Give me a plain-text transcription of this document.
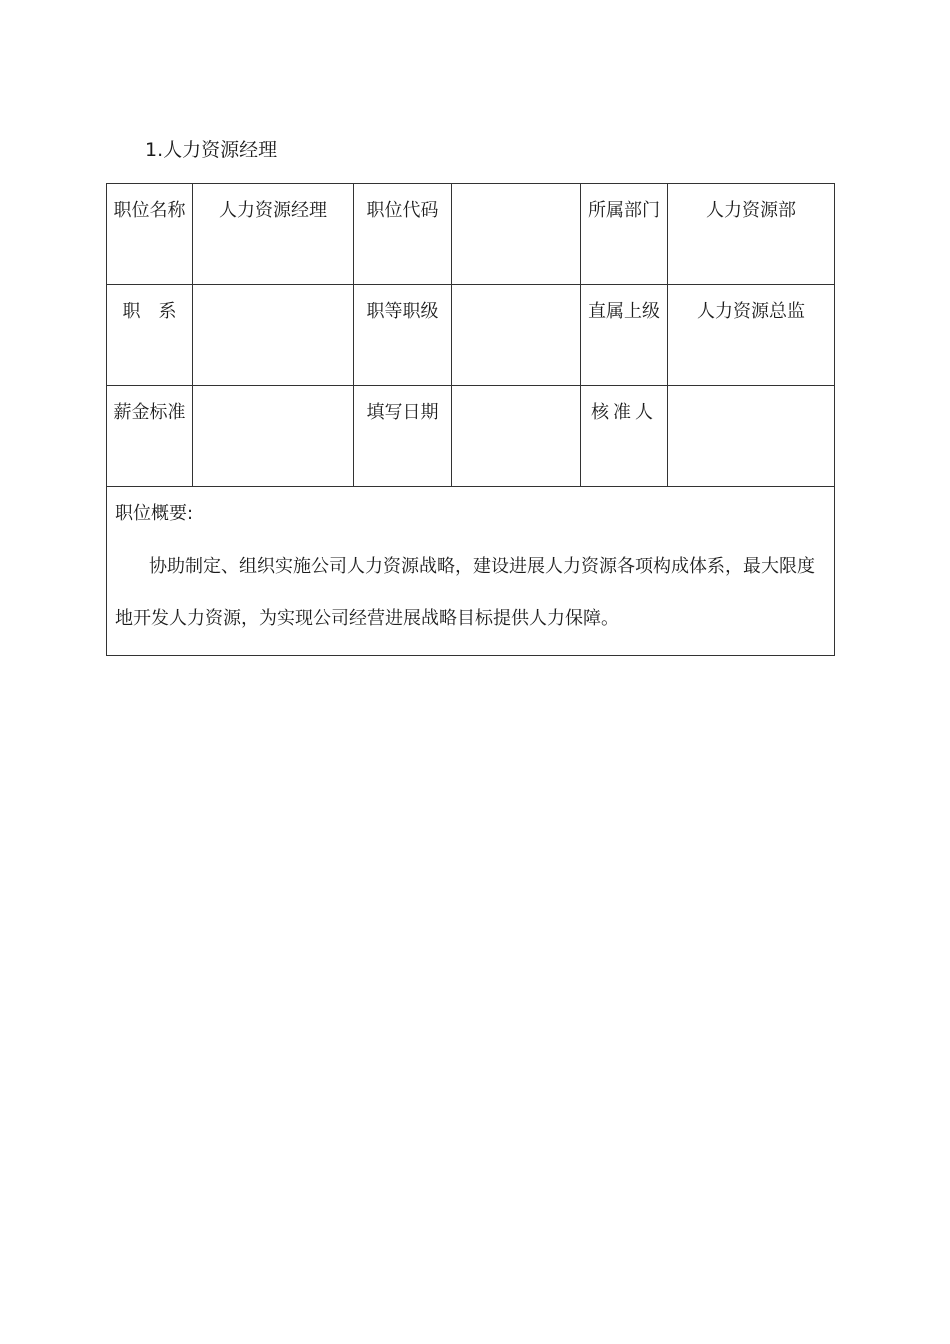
1.人力资源经理
职位名称	人力资源经理	职位代码		所属部门	人力资源部
职　系		职等职级		直属上级	人力资源总监
薪金标准		填写日期		核准人	

职位概要:
协助制定、组织实施公司人力资源战略，建设进展人力资源各项构成体系，最大限度地开发人力资源，为实现公司经营进展战略目标提供人力保障。					
